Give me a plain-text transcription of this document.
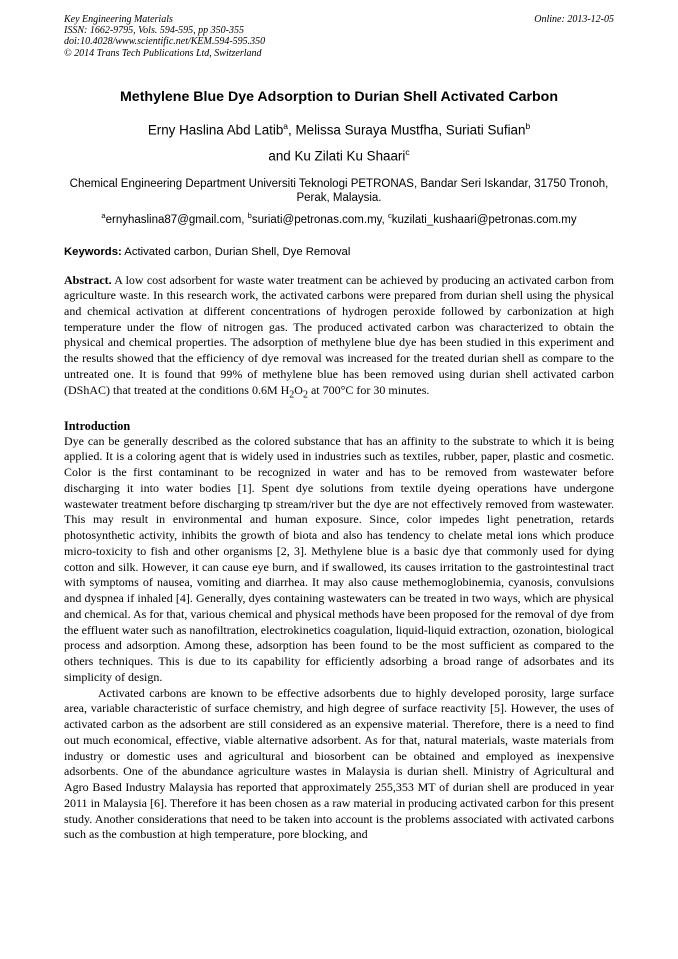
Key Engineering Materials
ISSN: 1662-9795, Vols. 594-595, pp 350-355
doi:10.4028/www.scientific.net/KEM.594-595.350
© 2014 Trans Tech Publications Ltd, Switzerland
Online: 2013-12-05
Methylene Blue Dye Adsorption to Durian Shell Activated Carbon
Erny Haslina Abd Latib$^a$, Melissa Suraya Mustfha, Suriati Sufian$^b$
and Ku Zilati Ku Shaari$^c$
Chemical Engineering Department Universiti Teknologi PETRONAS, Bandar Seri Iskandar, 31750 Tronoh, Perak, Malaysia.
$^a$ernyhaslina87@gmail.com, $^b$suriati@petronas.com.my, $^c$kuzilati_kushaari@petronas.com.my
Keywords: Activated carbon, Durian Shell, Dye Removal
Abstract. A low cost adsorbent for waste water treatment can be achieved by producing an activated carbon from agriculture waste. In this research work, the activated carbons were prepared from durian shell using the physical and chemical activation at different concentrations of hydrogen peroxide followed by carbonization at high temperature under the flow of nitrogen gas. The produced activated carbon was characterized to obtain the physical and chemical properties. The adsorption of methylene blue dye has been studied in this experiment and the results showed that the efficiency of dye removal was increased for the treated durian shell as compare to the untreated one. It is found that 99% of methylene blue has been removed using durian shell activated carbon (DShAC) that treated at the conditions 0.6M $H_2O_2$ at 700°C for 30 minutes.
Introduction

Dye can be generally described as the colored substance that has an affinity to the substrate to which it is being applied. It is a coloring agent that is widely used in industries such as textiles, rubber, paper, plastic and cosmetic. Color is the first contaminant to be recognized in water and has to be removed from wastewater before discharging it into water bodies [1]. Spent dye solutions from textile dyeing operations have undergone wastewater treatment before discharging tp stream/river but the dye are not effectively removed from wastewater. This may result in environmental and human exposure. Since, color impedes light penetration, retards photosynthetic activity, inhibits the growth of biota and also has tendency to chelate metal ions which produce micro-toxicity to fish and other organisms [2, 3]. Methylene blue is a basic dye that commonly used for dying cotton and silk. However, it can cause eye burn, and if swallowed, its causes irritation to the gastrointestinal tract with symptoms of nausea, vomiting and diarrhea. It may also cause methemoglobinemia, cyanosis, convulsions and dyspnea if inhaled [4]. Generally, dyes containing wastewaters can be treated in two ways, which are physical and chemical. As for that, various chemical and physical methods have been proposed for the removal of dye from the effluent water such as nanofiltration, electrokinetics coagulation, liquid-liquid extraction, ozonation, biological process and adsorption. Among these, adsorption has been found to be the most sufficient as compared to the others techniques. This is due to its capability for efficiently adsorbing a broad range of adsorbates and its simplicity of design.

Activated carbons are known to be effective adsorbents due to highly developed porosity, large surface area, variable characteristic of surface chemistry, and high degree of surface reactivity [5]. However, the uses of activated carbon as the adsorbent are still considered as an expensive material. Therefore, there is a need to find out much economical, effective, viable alternative adsorbent. As for that, natural materials, waste materials from industry or domestic uses and agricultural and biosorbent can be obtained and employed as inexpensive adsorbents. One of the abundance agriculture wastes in Malaysia is durian shell. Ministry of Agricultural and Agro Based Industry Malaysia has reported that approximately 255,353 MT of durian shell are produced in year 2011 in Malaysia [6]. Therefore it has been chosen as a raw material in producing activated carbon for this present study. Another considerations that need to be taken into account is the problems associated with activated carbons such as the combustion at high temperature, pore blocking, and
